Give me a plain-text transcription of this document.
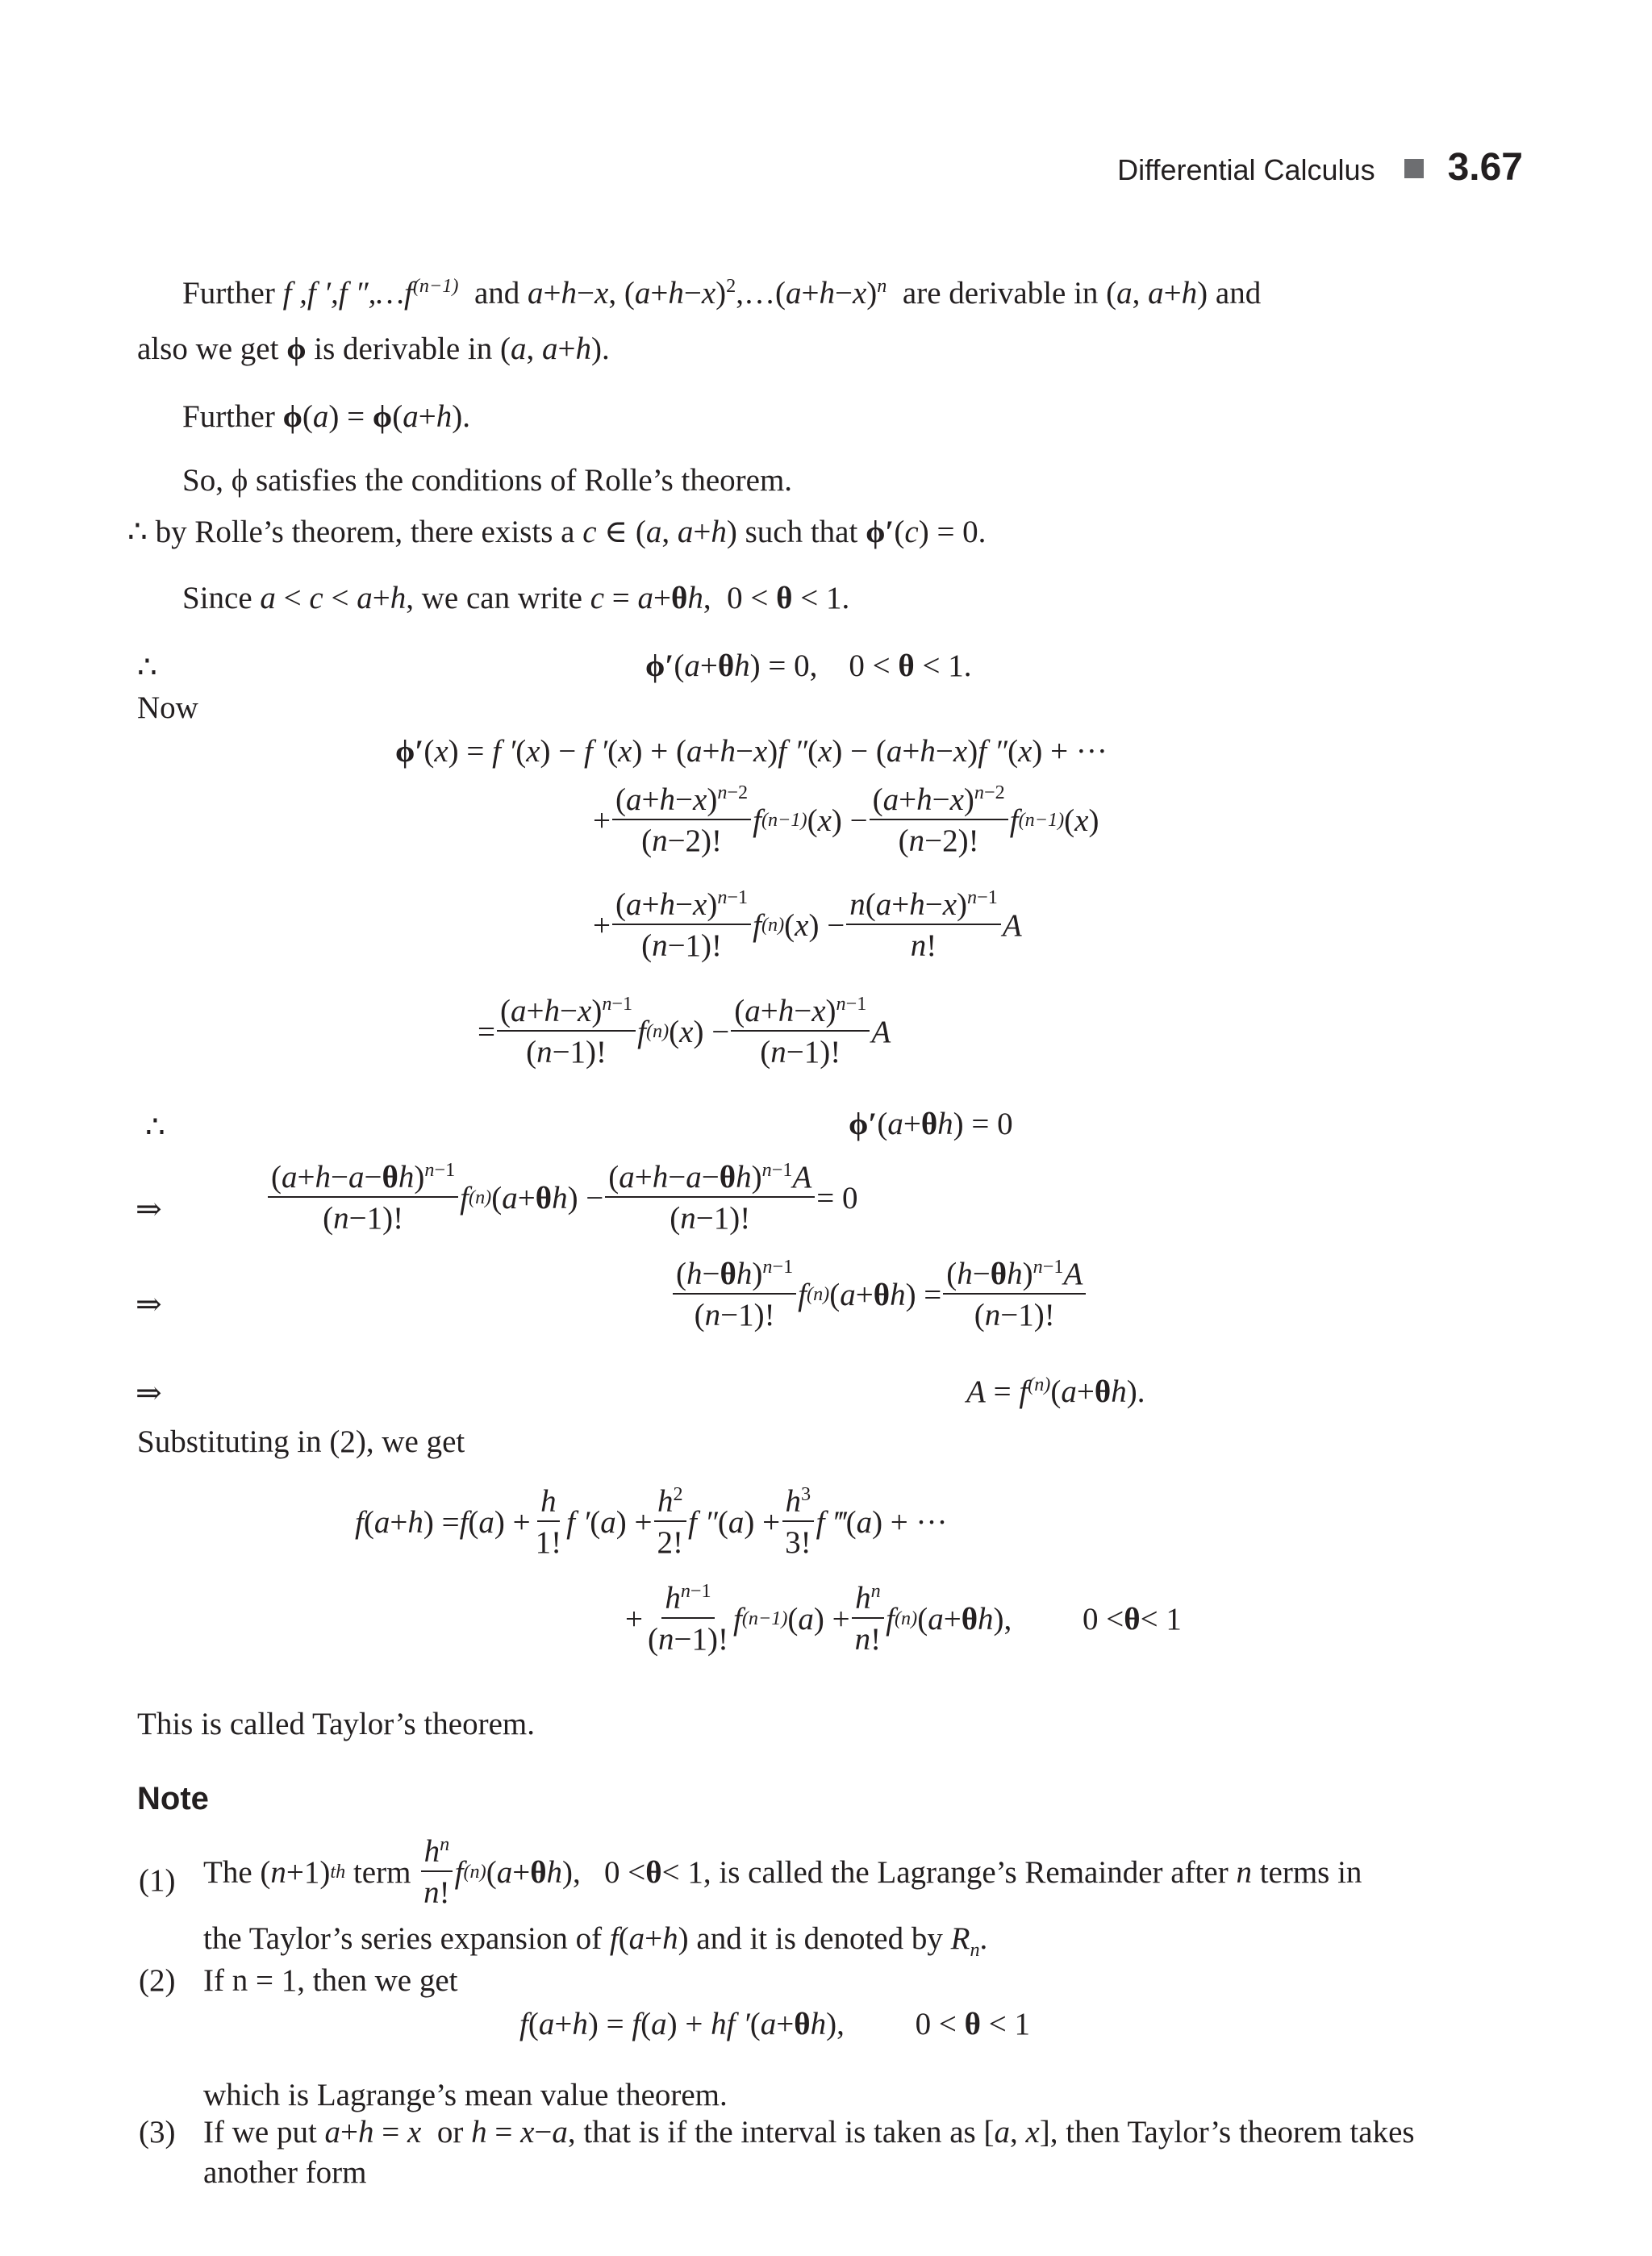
Differential Calculus 3.67
Further f ,f ′,f $'',\dots f^{(n-1)}$ and a+h−x, $(a+h-x)^2,\dots(a+h-x)^n$ are derivable in (a, a+h) and
also we get ϕ is derivable in (a, a+h).
Further ϕ(a) = ϕ(a+h).
So, ϕ satisfies the conditions of Rolle’s theorem.
∴ by Rolle’s theorem, there exists a c ∈ (a, a+h) such that ϕ′(c) = 0.
Since a < c < a+h, we can write c = a+θh,  0 < θ < 1.
∴	ϕ′(a+θh) = 0,    0 < θ < 1.
Now
ϕ′(x) = f ′(x) − f ′(x) + (a+h−x)f ″(x) − (a+h−x)f ″(x) + ···
+ $\frac{(a+h-x)^{n-2}}{(n-2)!}$ f (n−1) ( x ) − $\frac{(a+h-x)^{n-2}}{(n-2)!}$ f (n−1) ( x )
+ $\frac{(a+h-x)^{n-1}}{(n-1)!}$ f (n) ( x ) − $\frac{n(a+h-x)^{n-1}}{n!}$ A
= $\frac{(a+h-x)^{n-1}}{(n-1)!}$ f (n) ( x ) − $\frac{(a+h-x)^{n-1}}{(n-1)!}$ A
∴	ϕ′(a+θh) = 0
⇒	$\frac{(a+h-a-\theta h)^{n-1}}{(n-1)!}$ f (n) ( a + θ h ) − $\frac{(a+h-a-\theta h)^{n-1}A}{(n-1)!} = 0$
⇒	$\frac{(h-\theta h)^{n-1}}{(n-1)!}$ f (n) ( a + θ h ) = $\frac{(h-\theta h)^{n-1}A}{(n-1)!}$
⇒	$A = f^{(n)}(a+\theta h)$.
Substituting in (2), we get
f ( a + h ) = f ( a ) + $\frac{h}{1!}$ f ′ ( a ) + $\frac{h^2}{2!}$ f ″ ( a ) + $\frac{h^3}{3!}$ f ‴ ( a ) + ···
+ $\frac{h^{n-1}}{(n-1)!}$ f (n−1) ( a ) + $\frac{h^n}{n!}$ f (n) ( a + θ h ),         0 < θ < 1
This is called Taylor’s theorem.
Note
(1) The ( n +1) th
term
$\frac{h^n}{n!}$ f (n) ( a + θ h ),   0 < θ < 1, is called the Lagrange’s Remainder after
n
terms in
the Taylor’s series expansion of f(a+h) and it is denoted by $R_n$.
(2) If n = 1, then we get
f(a+h) = f(a) + hf ′(a+θh),         0 < θ < 1
which is Lagrange’s mean value theorem.
(3) If we put a+h = x or h = x−a, that is if the interval is taken as [a, x], then Taylor’s theorem takes
another form
